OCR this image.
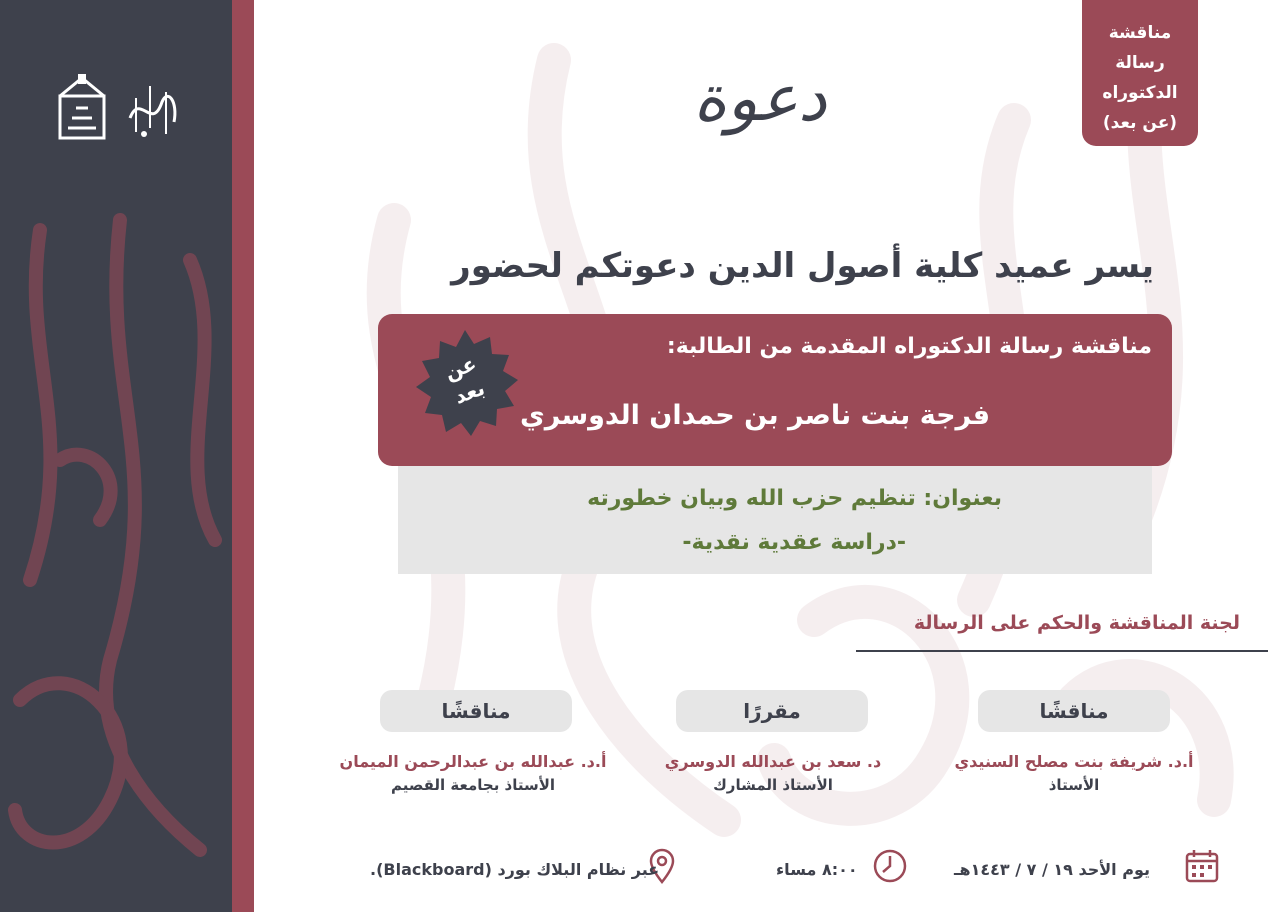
مناقشة
رسالة
الدكتوراه
(عن بعد)
دعوة
يسر عميد كلية أصول الدين دعوتكم لحضور
مناقشة رسالة الدكتوراه المقدمة من الطالبة:
فرجة بنت ناصر بن حمدان الدوسري
عن
بعد
بعنوان: تنظيم حزب الله وبيان خطورته
-دراسة عقدية نقدية-
لجنة المناقشة والحكم على الرسالة
مناقشًا
مقررًا
مناقشًا
أ.د. شريفة بنت مصلح السنيدي
الأستاذ
د. سعد بن عبدالله الدوسري
الأستاذ المشارك
أ.د. عبدالله بن عبدالرحمن الميمان
الأستاذ بجامعة القصيم
يوم الأحد ١٩ / ٧ / ١٤٤٣هـ
٨:٠٠ مساء
عبر نظام البلاك بورد (Blackboard).
